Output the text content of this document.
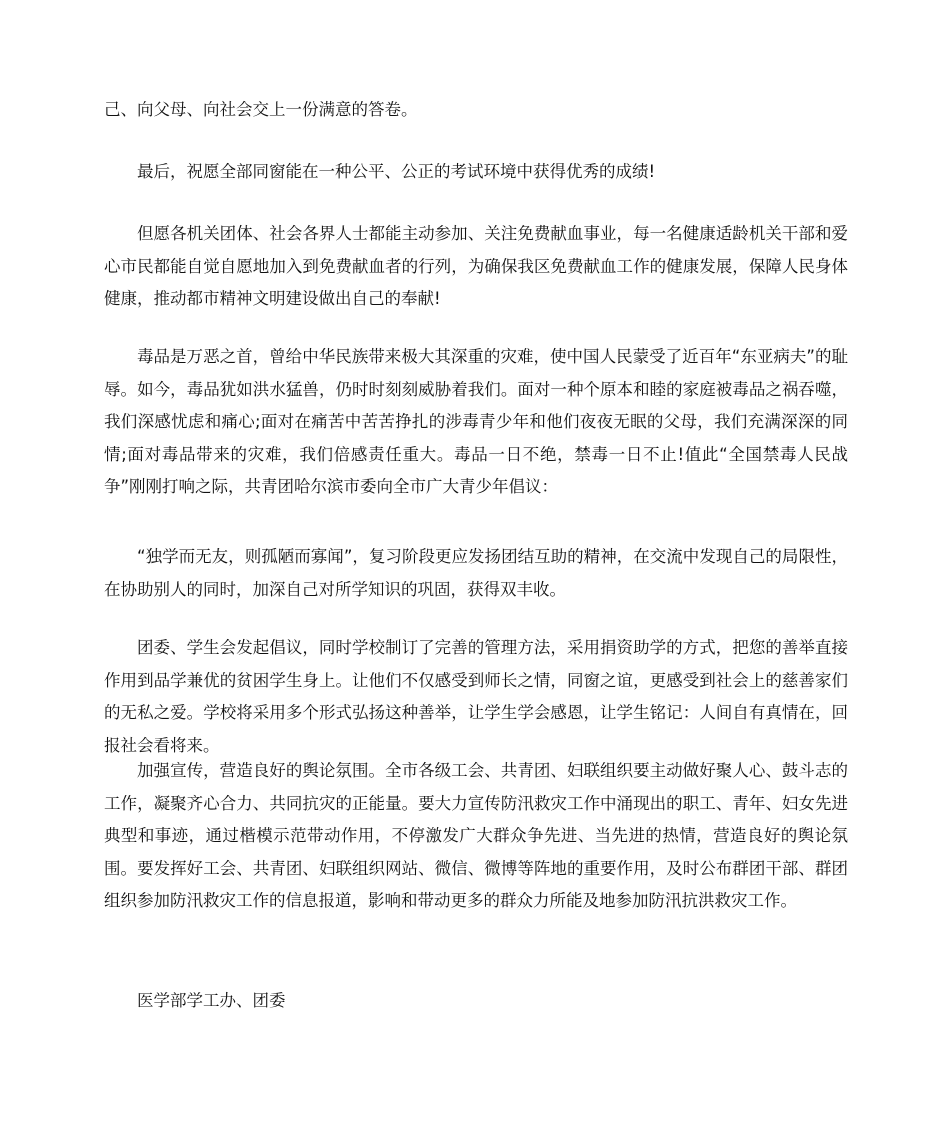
己、向父母、向社会交上一份满意的答卷。

最后，祝愿全部同窗能在一种公平、公正的考试环境中获得优秀的成绩!

但愿各机关团体、社会各界人士都能主动参加、关注免费献血事业，每一名健康适龄机关干部和爱心市民都能自觉自愿地加入到免费献血者的行列，为确保我区免费献血工作的健康发展，保障人民身体健康，推动都市精神文明建设做出自己的奉献!

毒品是万恶之首，曾给中华民族带来极大其深重的灾难，使中国人民蒙受了近百年“东亚病夫”的耻辱。如今，毒品犹如洪水猛兽，仍时时刻刻威胁着我们。面对一种个原本和睦的家庭被毒品之祸吞噬，我们深感忧虑和痛心;面对在痛苦中苦苦挣扎的涉毒青少年和他们夜夜无眠的父母，我们充满深深的同情;面对毒品带来的灾难，我们倍感责任重大。毒品一日不绝，禁毒一日不止!值此“全国禁毒人民战争”刚刚打响之际，共青团哈尔滨市委向全市广大青少年倡议：

“独学而无友，则孤陋而寡闻”，复习阶段更应发扬团结互助的精神，在交流中发现自己的局限性，在协助别人的同时，加深自己对所学知识的巩固，获得双丰收。

团委、学生会发起倡议，同时学校制订了完善的管理方法，采用捐资助学的方式，把您的善举直接作用到品学兼优的贫困学生身上。让他们不仅感受到师长之情，同窗之谊，更感受到社会上的慈善家们的无私之爱。学校将采用多个形式弘扬这种善举，让学生学会感恩，让学生铭记：人间自有真情在，回报社会看将来。

加强宣传，营造良好的舆论氛围。全市各级工会、共青团、妇联组织要主动做好聚人心、鼓斗志的工作，凝聚齐心合力、共同抗灾的正能量。要大力宣传防汛救灾工作中涌现出的职工、青年、妇女先进典型和事迹，通过楷模示范带动作用，不停激发广大群众争先进、当先进的热情，营造良好的舆论氛围。要发挥好工会、共青团、妇联组织网站、微信、微博等阵地的重要作用，及时公布群团干部、群团组织参加防汛救灾工作的信息报道，影响和带动更多的群众力所能及地参加防汛抗洪救灾工作。

医学部学工办、团委
